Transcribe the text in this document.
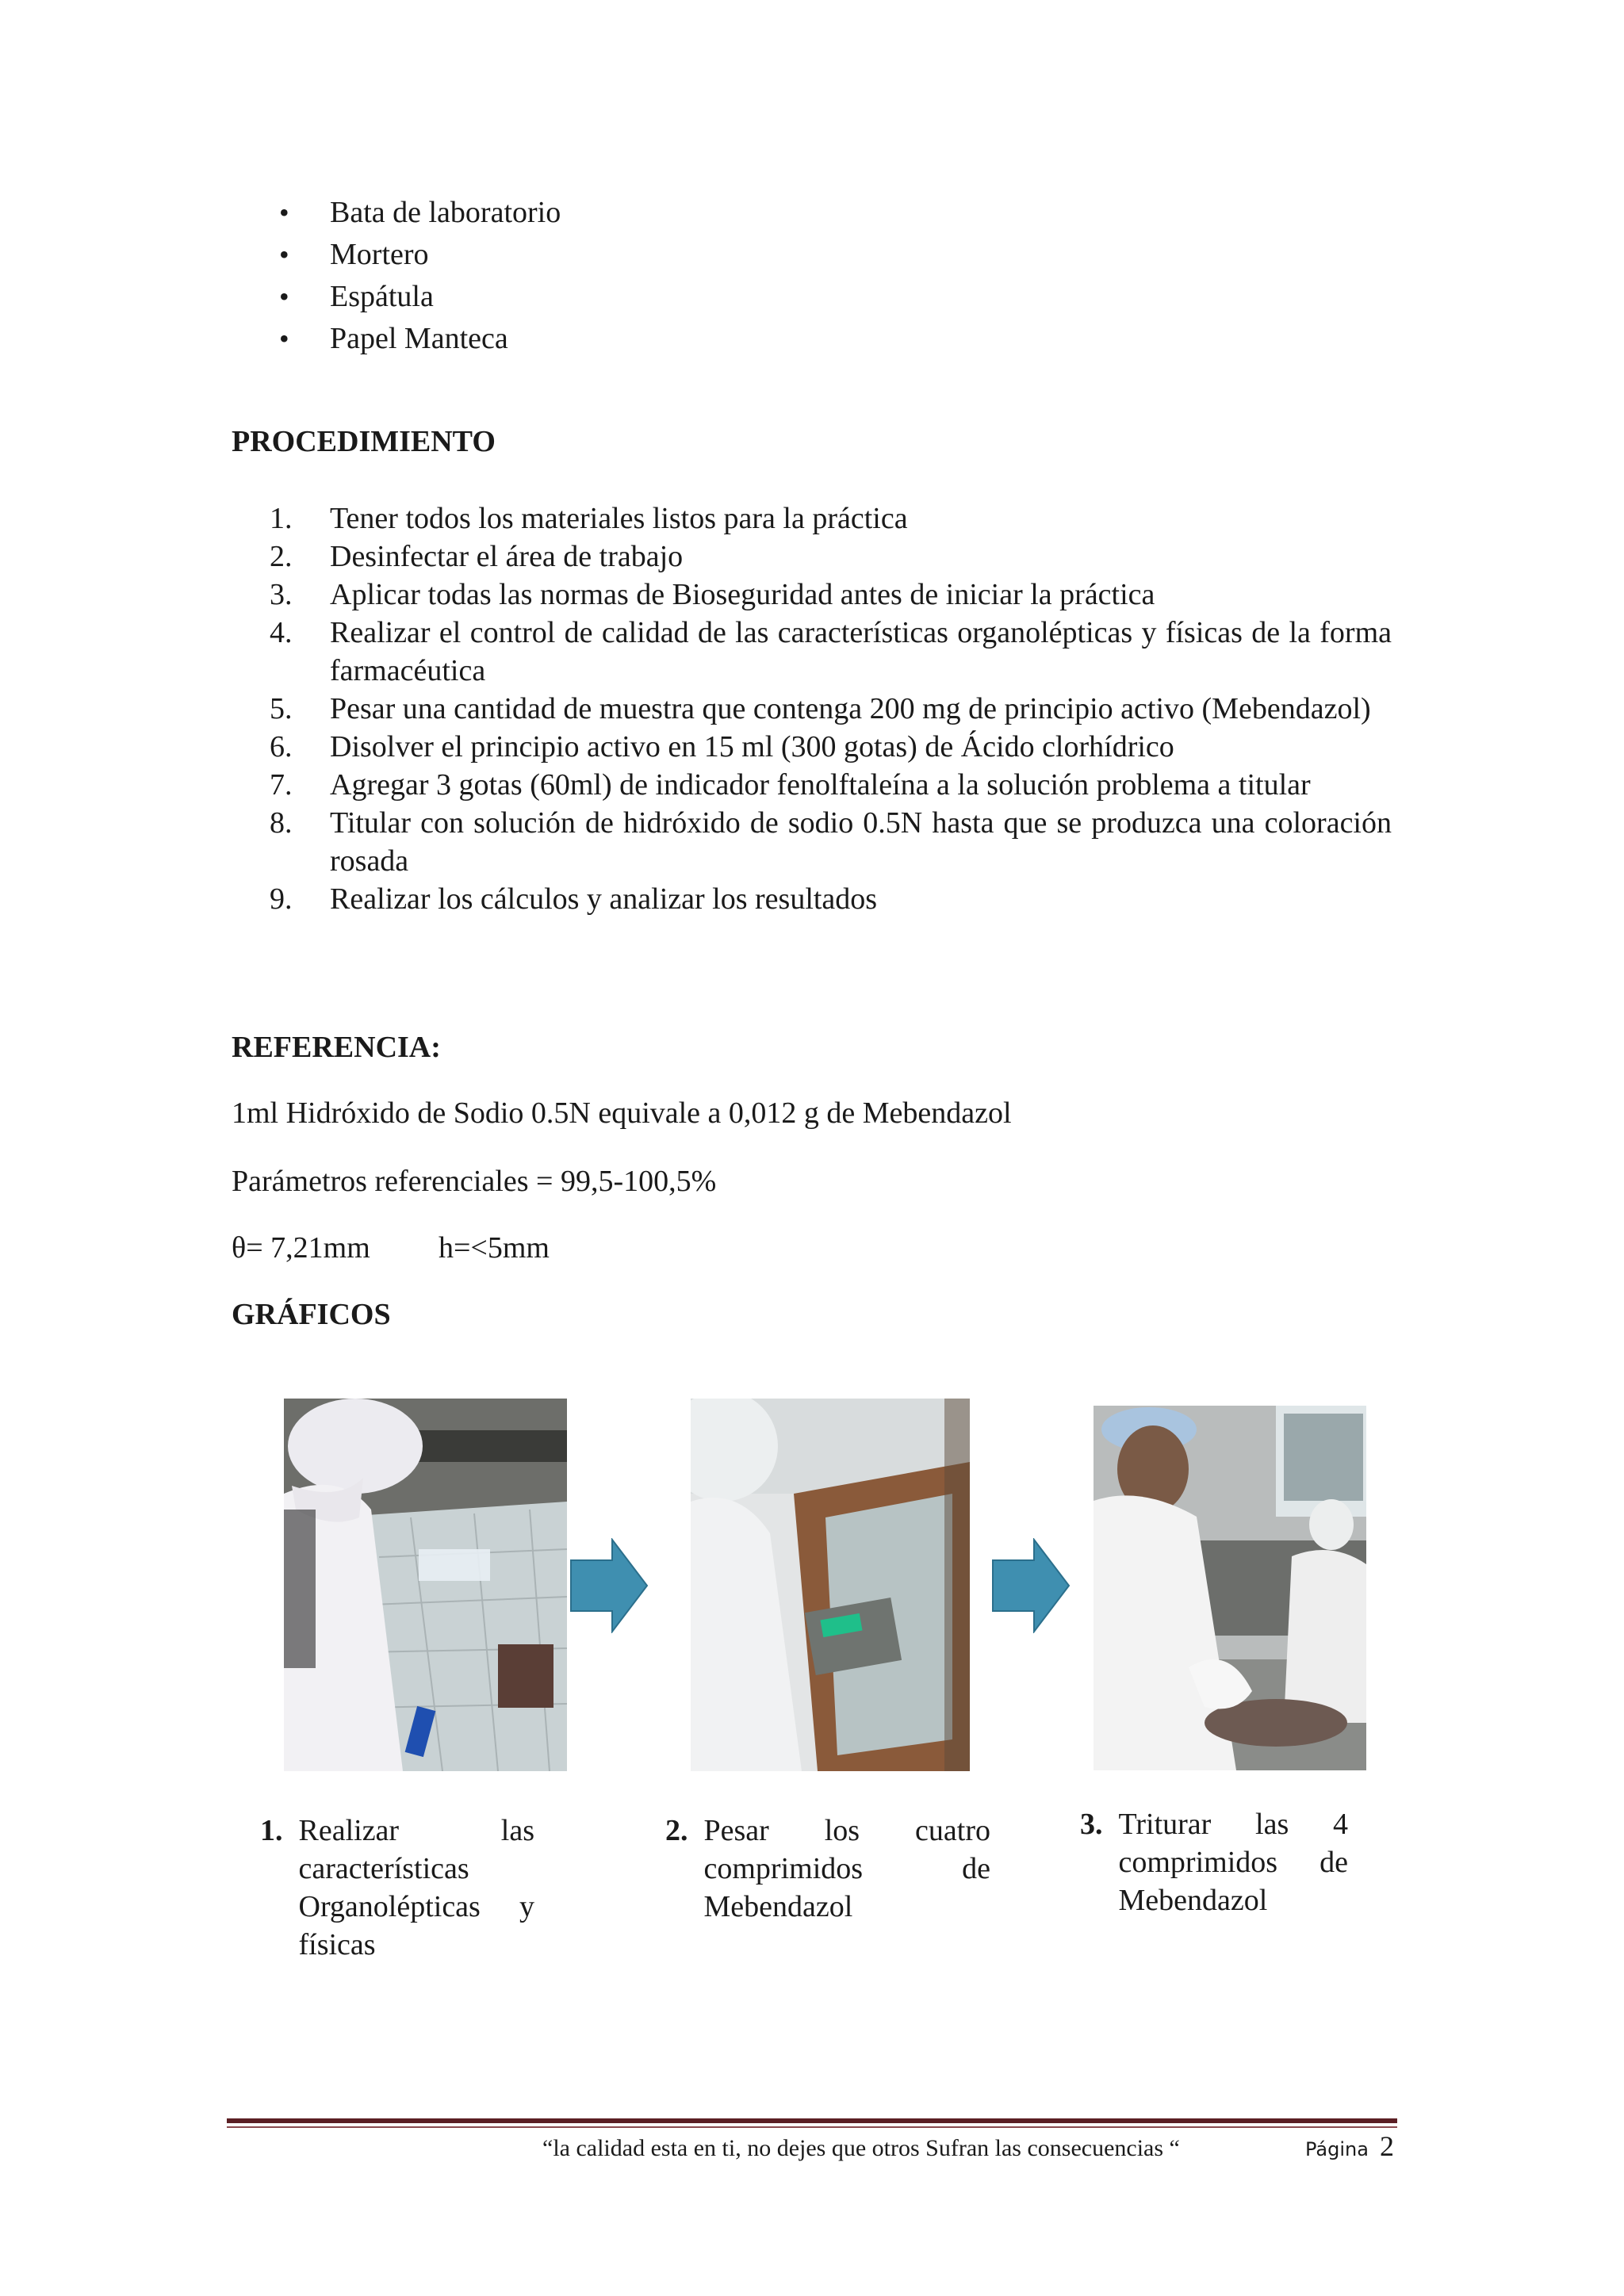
• Bata de laboratorio
• Mortero
• Espátula
• Papel Manteca
PROCEDIMIENTO
1.	Tener todos los materiales listos para la práctica
2.	Desinfectar el área de trabajo
3.	Aplicar todas las normas de Bioseguridad antes de iniciar la práctica
4.	Realizar el control de calidad de las características organolépticas y físicas de la forma farmacéutica
5.	Pesar una cantidad de muestra que contenga 200 mg de principio activo (Mebendazol)
6.	Disolver el principio activo en 15 ml (300 gotas) de Ácido clorhídrico
7.	Agregar 3 gotas (60ml) de indicador fenolftaleína a la solución problema a titular
8.	Titular con solución de hidróxido de sodio 0.5N hasta que se produzca una coloración rosada
9.	Realizar los cálculos y analizar los resultados
REFERENCIA:
1ml Hidróxido de Sodio 0.5N equivale a 0,012 g de Mebendazol
Parámetros referenciales = 99,5-100,5%
θ= 7,21mm h=<5mm
GRÁFICOS
1. Realizar las características Organolépticas y físicas
2. Pesar los cuatro comprimidos de Mebendazol
3. Triturar las 4 comprimidos de Mebendazol
“la calidad esta en ti, no dejes que otros Sufran las consecuencias “	Página 2
